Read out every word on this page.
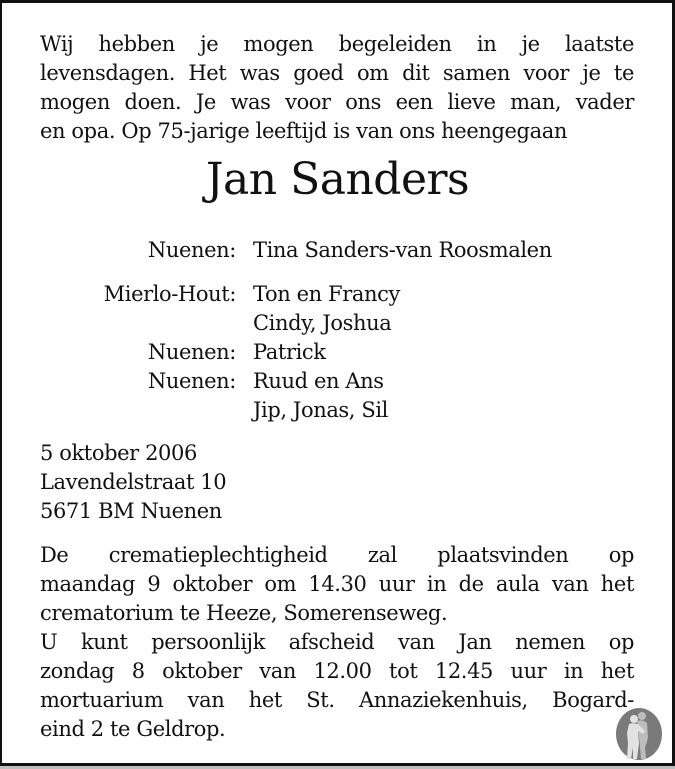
Wij hebben je mogen begeleiden in je laatste
levensdagen. Het was goed om dit samen voor je te
mogen doen. Je was voor ons een lieve man, vader
en opa. Op 75-jarige leeftijd is van ons heengegaan
Jan Sanders
Nuenen: Tina Sanders-van Roosmalen
Mierlo-Hout: Ton en Francy
Cindy, Joshua
Nuenen: Patrick
Nuenen: Ruud en Ans
Jip, Jonas, Sil
5 oktober 2006
Lavendelstraat 10
5671 BM Nuenen
De crematieplechtigheid zal plaatsvinden op
maandag 9 oktober om 14.30 uur in de aula van het
crematorium te Heeze, Somerenseweg.
U kunt persoonlijk afscheid van Jan nemen op
zondag 8 oktober van 12.00 tot 12.45 uur in het
mortuarium van het St. Annaziekenhuis, Bogard-
eind 2 te Geldrop.
